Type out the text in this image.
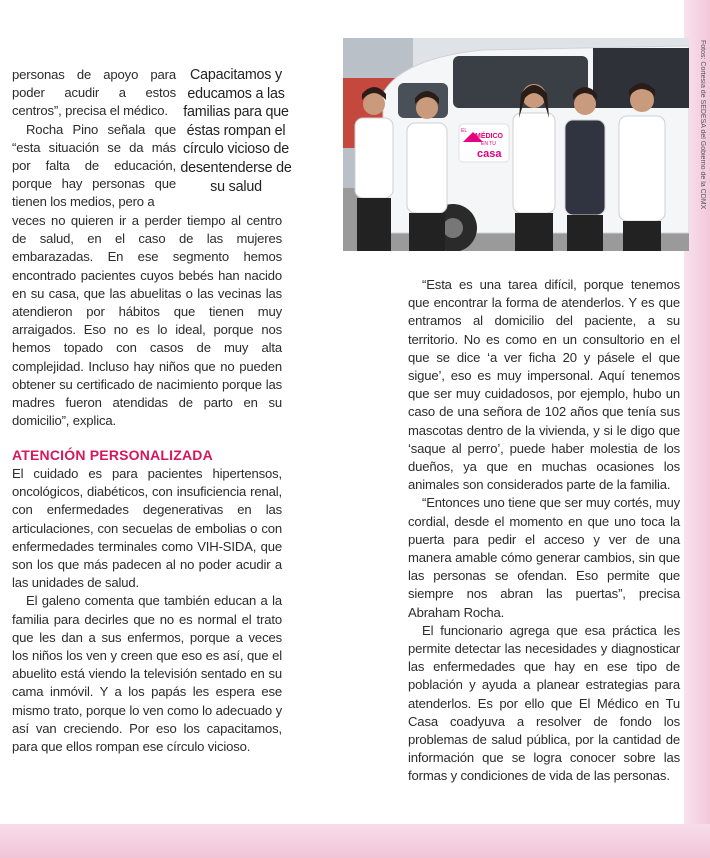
personas de apoyo para poder acudir a estos centros”, precisa el médico.

Rocha Pino señala que “esta situación se da más por falta de educación, porque hay personas que tienen los medios, pero a

Capacitamos y educamos a las familias para que éstas rompan el círculo vicioso de desentenderse de su salud

veces no quieren ir a perder tiempo al centro de salud, en el caso de las mujeres embarazadas. En ese segmento hemos encontrado pacientes cuyos bebés han nacido en su casa, que las abuelitas o las vecinas las atendieron por hábitos que tienen muy arraigados. Eso no es lo ideal, porque nos hemos topado con casos de muy alta complejidad. Incluso hay niños que no pueden obtener su certificado de nacimiento porque las madres fueron atendidas de parto en su domicilio”, explica.

ATENCIÓN PERSONALIZADA

El cuidado es para pacientes hipertensos, oncológicos, diabéticos, con insuficiencia renal, con enfermedades degenerativas en las articulaciones, con secuelas de embolias o con enfermedades terminales como VIH-SIDA, que son los que más padecen al no poder acudir a las unidades de salud.

El galeno comenta que también educan a la familia para decirles que no es normal el trato que les dan a sus enfermos, porque a veces los niños los ven y creen que eso es así, que el abuelito está viendo la televisión sentado en su cama inmóvil. Y a los papás les espera ese mismo trato, porque lo ven como lo adecuado y así van creciendo. Por eso los capacitamos, para que ellos rompan ese círculo vicioso.

EL
MÉDICO
EN TU
casa	Fotos: Cortesía de SEDESA del Gobierno de la CDMX

“Esta es una tarea difícil, porque tenemos que encontrar la forma de atenderlos. Y es que entramos al domicilio del paciente, a su territorio. No es como en un consultorio en el que se dice ‘a ver ficha 20 y pásele el que sigue’, eso es muy impersonal. Aquí tenemos que ser muy cuidadosos, por ejemplo, hubo un caso de una señora de 102 años que tenía sus mascotas dentro de la vivienda, y si le digo que ‘saque al perro’, puede haber molestia de los dueños, ya que en muchas ocasiones los animales son considerados parte de la familia.

“Entonces uno tiene que ser muy cortés, muy cordial, desde el momento en que uno toca la puerta para pedir el acceso y ver de una manera amable cómo generar cambios, sin que las personas se ofendan. Eso permite que siempre nos abran las puertas”, precisa Abraham Rocha.

El funcionario agrega que esa práctica les permite detectar las necesidades y diagnosticar las enfermedades que hay en ese tipo de población y ayuda a planear estrategias para atenderlos. Es por ello que El Médico en Tu Casa coadyuva a resolver de fondo los problemas de salud pública, por la cantidad de información que se logra conocer sobre las formas y condiciones de vida de las personas.
